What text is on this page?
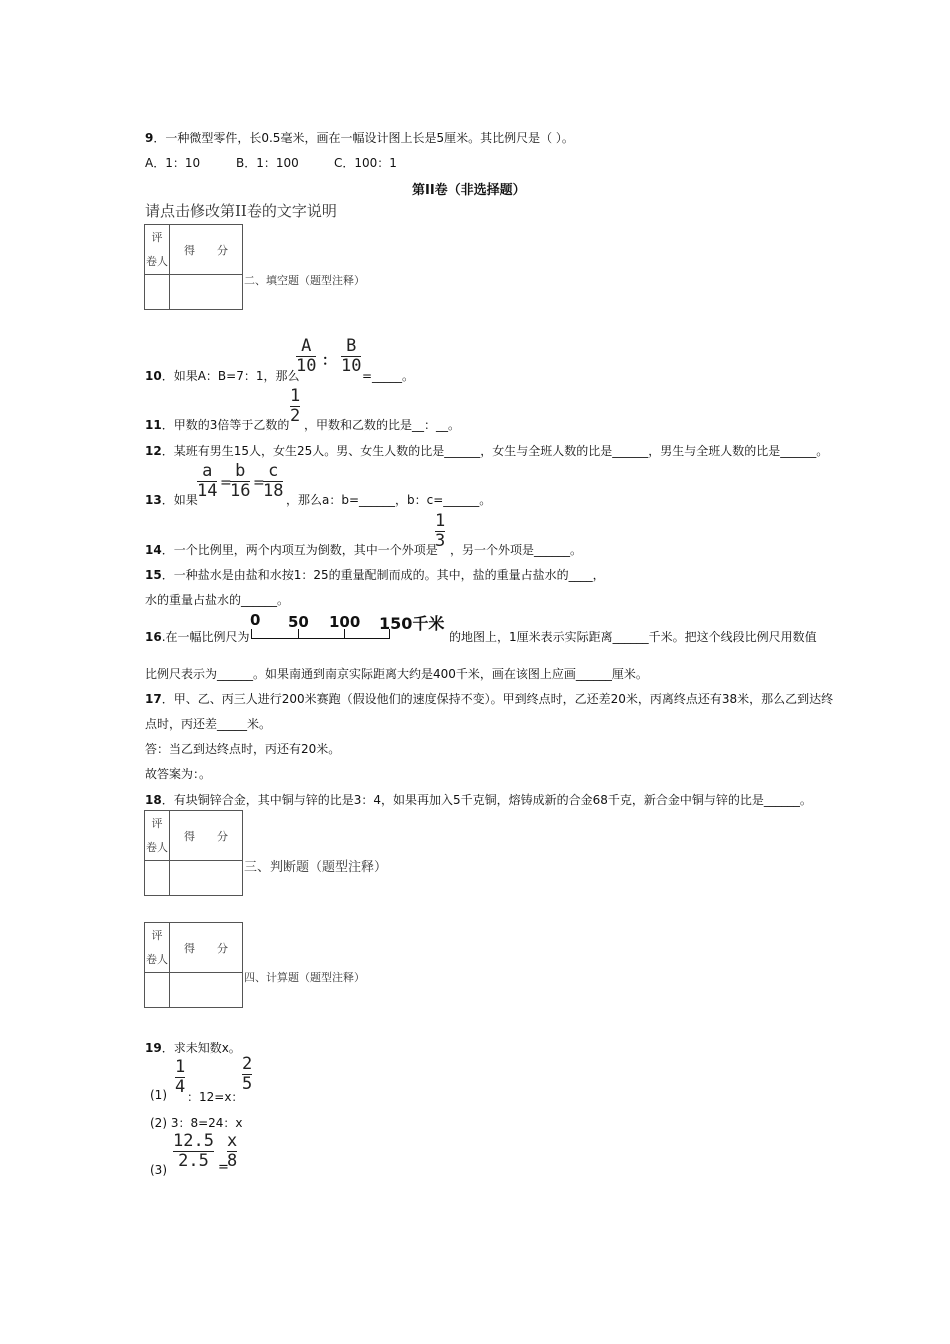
9．一种微型零件，长0.5毫米，画在一幅设计图上长是5厘米。其比例尺是（ ）。
A．1：10	B．1：100	C．100：1
第II卷（非选择题）
请点击修改第II卷的文字说明
评
卷人	得　　分

二、填空题（题型注释）
10．如果A：B=7：1，那么
A
10 ：
B
10 =_____。
11．甲数的3倍等于乙数的
1
2 ，甲数和乙数的比是__：__。
12．某班有男生15人，女生25人。男、女生人数的比是______，女生与全班人数的比是______，男生与全班人数的比是______。
13．如果
a
14 =
b
16 =
c
18 ，那么a：b=______，b：c=______。
14．一个比例里，两个内项互为倒数，其中一个外项是
1
3 ，另一个外项是______。
15．一种盐水是由盐和水按1：25的重量配制而成的。其中，盐的重量占盐水的____，
水的重量占盐水的______。
16.在一幅比例尺为
0 50 100 150千米
的地图上，1厘米表示实际距离______千米。把这个线段比例尺用数值
比例尺表示为______。如果南通到南京实际距离大约是400千米，画在该图上应画______厘米。
17．甲、乙、丙三人进行200米赛跑（假设他们的速度保持不变）。甲到终点时，乙还差20米，丙离终点还有38米，那么乙到达终
点时，丙还差_____米。
答：当乙到达终点时，丙还有20米。
故答案为：。
18．有块铜锌合金，其中铜与锌的比是3：4，如果再加入5千克铜，熔铸成新的合金68千克，新合金中铜与锌的比是______。
评
卷人	得　　分

三、判断题（题型注释）
评
卷人	得　　分

四、计算题（题型注释）
19．求未知数x。
(1)
1
4 ：12=x：
2
5
(2) 3：8=24：x
(3)
12.5
2.5 =
x
8
